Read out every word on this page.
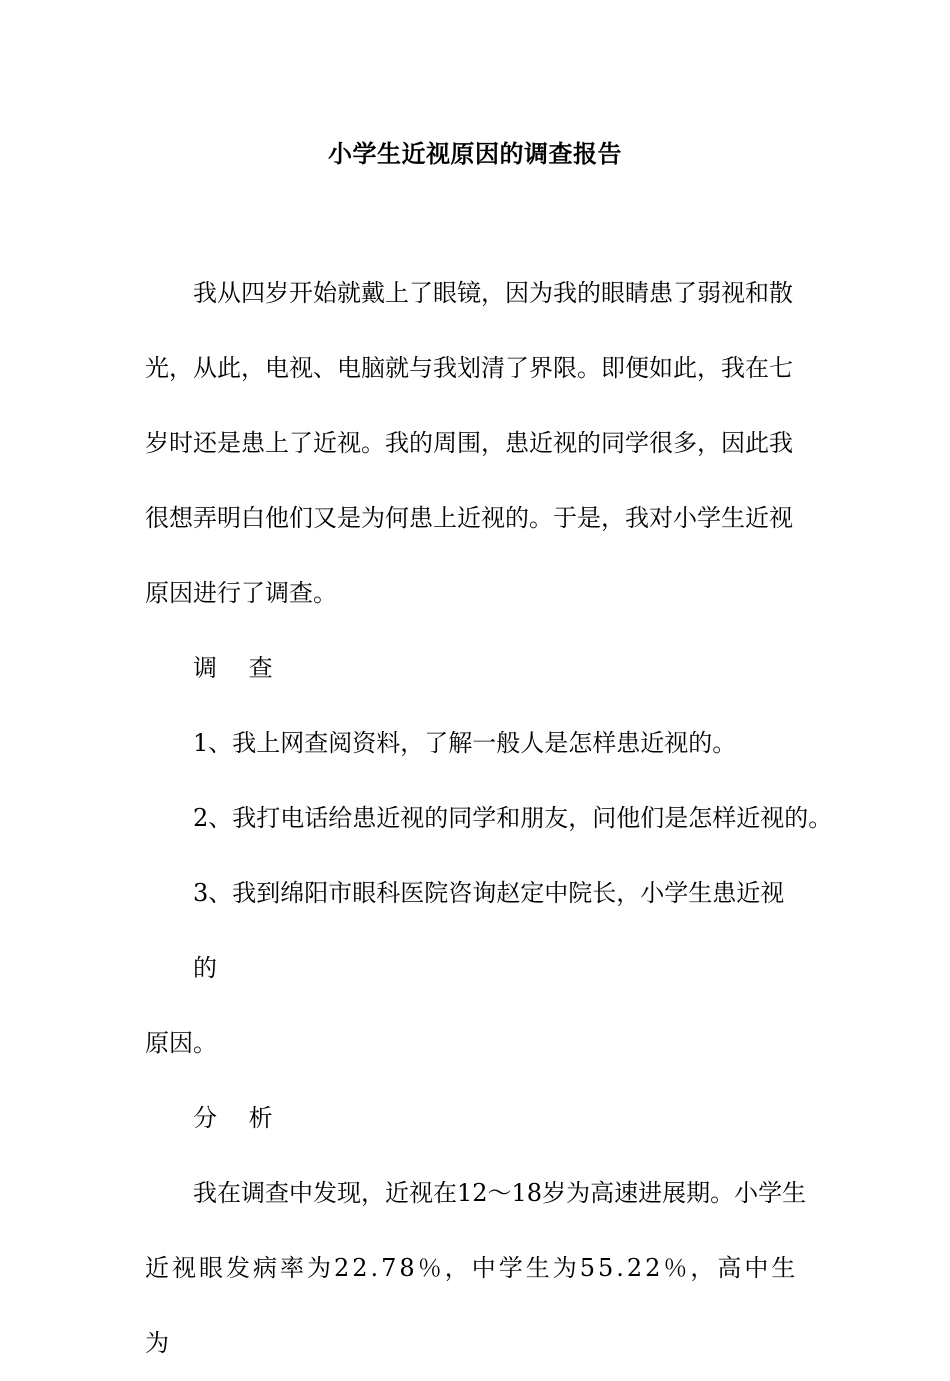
小学生近视原因的调查报告
我从四岁开始就戴上了眼镜，因为我的眼睛患了弱视和散
光，从此，电视、电脑就与我划清了界限。即便如此，我在七
岁时还是患上了近视。我的周围，患近视的同学很多，因此我
很想弄明白他们又是为何患上近视的。于是，我对小学生近视
原因进行了调查。
调 查
1、我上网查阅资料，了解一般人是怎样患近视的。
2、我打电话给患近视的同学和朋友，问他们是怎样近视的。
3、我到绵阳市眼科医院咨询赵定中院长，小学生患近视的
原因。
分 析
我在调查中发现，近视在12～18岁为高速进展期。小学生
近视眼发病率为22.78％，中学生为55.22％，高中生为
